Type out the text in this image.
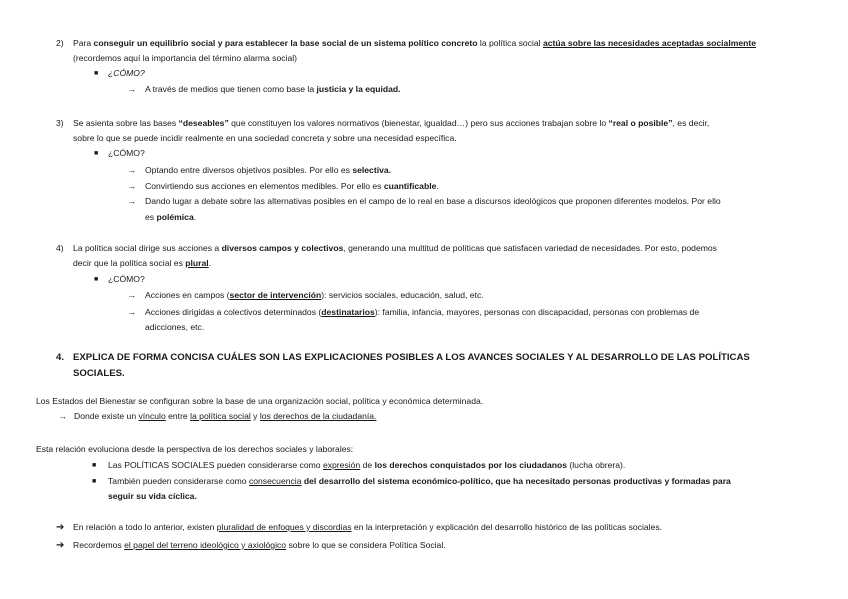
2) Para conseguir un equilibrio social y para establecer la base social de un sistema político concreto la política social actúa sobre las necesidades aceptadas socialmente
(recordemos aquí la importancia del término alarma social)
■ ¿CÓMO?
→ A través de medios que tienen como base la justicia y la equidad.
3) Se asienta sobre las bases “deseables” que constituyen los valores normativos (bienestar, igualdad…) pero sus acciones trabajan sobre lo “real o posible”, es decir,
sobre lo que se puede incidir realmente en una sociedad concreta y sobre una necesidad específica.
■ ¿CÓMO?
→ Optando entre diversos objetivos posibles. Por ello es selectiva.
→ Convirtiendo sus acciones en elementos medibles. Por ello es cuantificable.
→ Dando lugar a debate sobre las alternativas posibles en el campo de lo real en base a discursos ideológicos que proponen diferentes modelos. Por ello
es polémica.
4) La política social dirige sus acciones a diversos campos y colectivos, generando una multitud de políticas que satisfacen variedad de necesidades. Por esto, podemos
decir que la política social es plural.
■ ¿CÓMO?
→ Acciones en campos (sector de intervención): servicios sociales, educación, salud, etc.
→ Acciones dirigidas a colectivos determinados (destinatarios): familia, infancia, mayores, personas con discapacidad, personas con problemas de
adicciones, etc.
4. EXPLICA DE FORMA CONCISA CUÁLES SON LAS EXPLICACIONES POSIBLES A LOS AVANCES SOCIALES Y AL DESARROLLO DE LAS POLÍTICAS
SOCIALES.
Los Estados del Bienestar se configuran sobre la base de una organización social, política y económica determinada.
→ Donde existe un vínculo entre la política social y los derechos de la ciudadanía.
Esta relación evoluciona desde la perspectiva de los derechos sociales y laborales:
■ Las POLÍTICAS SOCIALES pueden considerarse como expresión de los derechos conquistados por los ciudadanos (lucha obrera).
■ También pueden considerarse como consecuencia del desarrollo del sistema económico-político, que ha necesitado personas productivas y formadas para
seguir su vida cíclica.
➔ En relación a todo lo anterior, existen pluralidad de enfoques y discordias en la interpretación y explicación del desarrollo histórico de las políticas sociales.
➔ Recordemos el papel del terreno ideológico y axiológico sobre lo que se considera Política Social.
